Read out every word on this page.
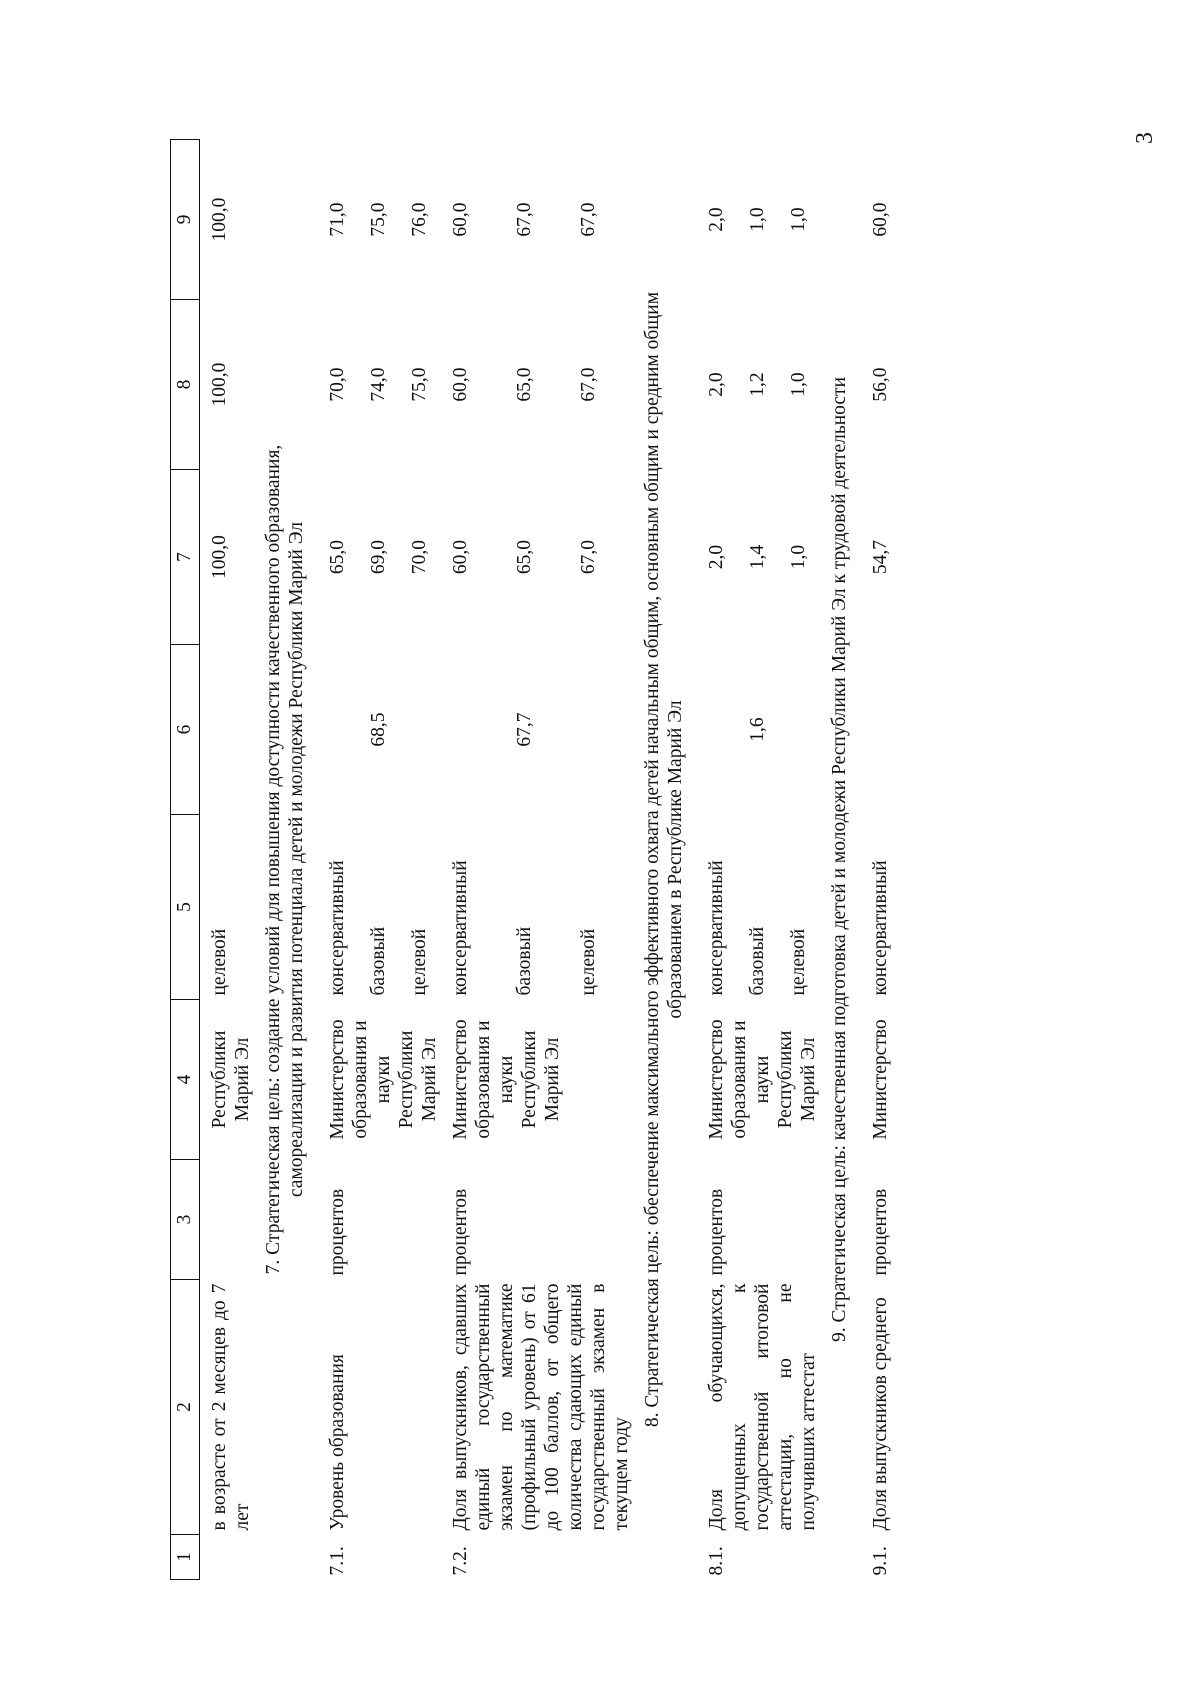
3
1	2	3	4	5	6	7	8	9
	в возрасте от 2 месяцев до 7 лет		Республики Марий Эл	целевой		100,0	100,0	100,0
7. Стратегическая цель: создание условий для повышения доступности качественного образования, самореализации и развития потенциала детей и молодежи Республики Марий Эл								
7.1.	Уровень образования	процентов	Министерство образования и науки Республики Марий Эл	консервативный		65,0	70,0	71,0
				базовый	68,5	69,0	74,0	75,0
				целевой		70,0	75,0	76,0
7.2.	Доля выпускников, сдавших единый государственный экзамен по математике (профильный уровень) от 61 до 100 баллов, от общего количества сдающих единый государственный экзамен в текущем году	процентов	Министерство образования и науки Республики Марий Эл	консервативный		60,0	60,0	60,0
				базовый	67,7	65,0	65,0	67,0
				целевой		67,0	67,0	67,0
8. Стратегическая цель: обеспечение максимального эффективного охвата детей начальным общим, основным общим и средним общим образованием в Республике Марий Эл								
8.1.	Доля обучающихся, допущенных к государственной итоговой аттестации, но не получивших аттестат	процентов	Министерство образования и науки Республики Марий Эл	консервативный		2,0	2,0	2,0
				базовый	1,6	1,4	1,2	1,0
				целевой		1,0	1,0	1,0
9. Стратегическая цель: качественная подготовка детей и молодежи Республики Марий Эл к трудовой деятельности								
9.1.	Доля выпускников среднего	процентов	Министерство	консервативный		54,7	56,0	60,0
